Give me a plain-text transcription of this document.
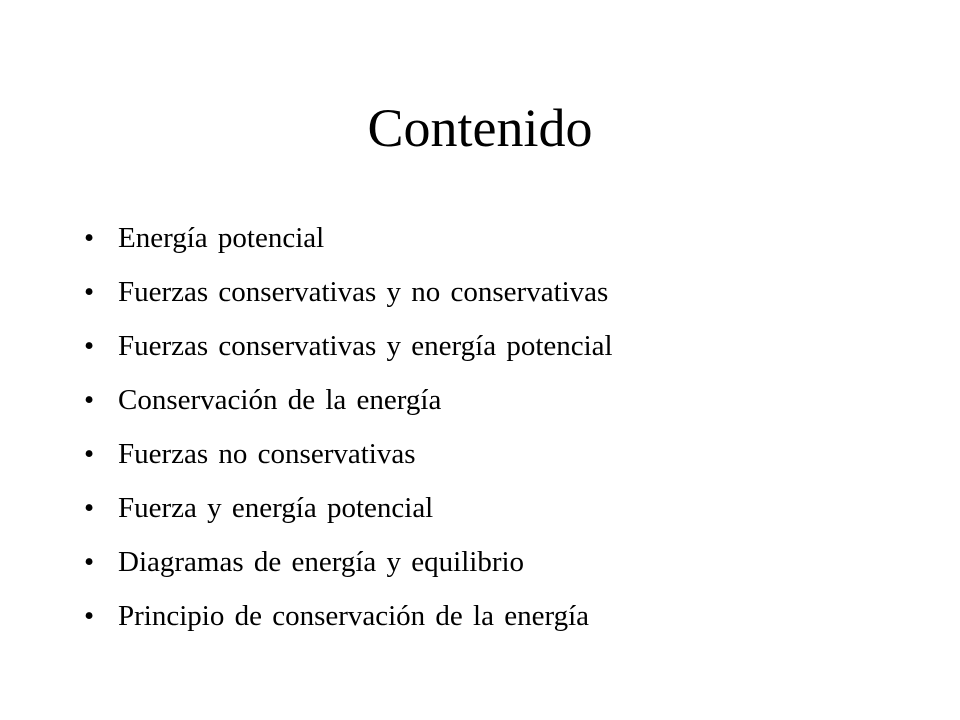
Contenido
• Energía potencial
• Fuerzas conservativas y no conservativas
• Fuerzas conservativas y energía potencial
• Conservación de la energía
• Fuerzas no conservativas
• Fuerza y energía potencial
• Diagramas de energía y equilibrio
• Principio de conservación de la energía
